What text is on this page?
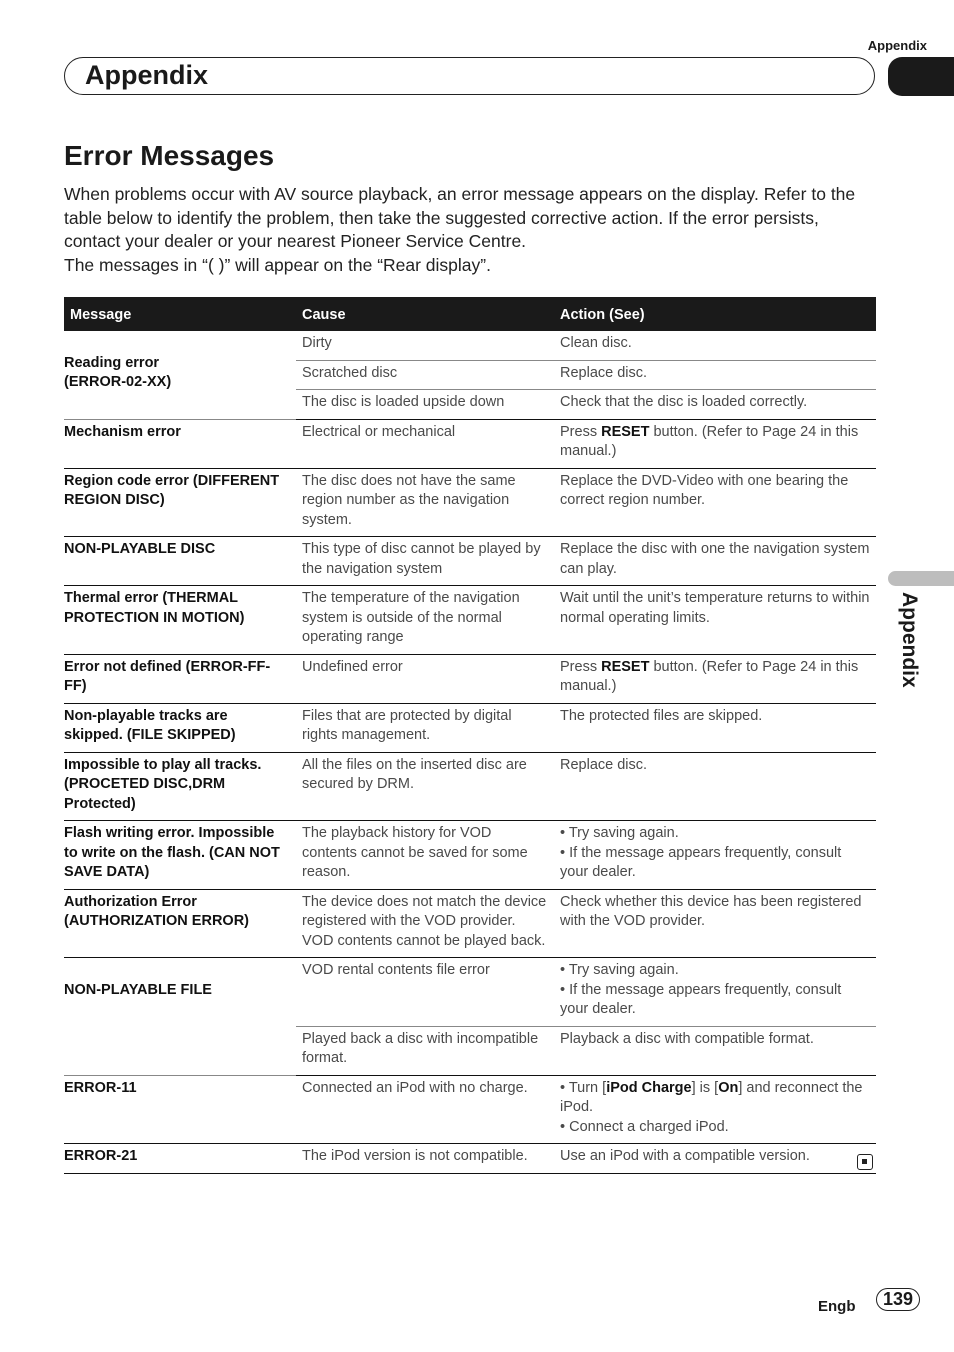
Appendix
Appendix
Error Messages

When problems occur with AV source playback, an error message appears on the display. Refer to the table below to identify the problem, then take the suggested corrective action. If the error persists, contact your dealer or your nearest Pioneer Service Centre.

The messages in “( )” will appear on the “Rear display”.

Message	Cause	Action (See)

Reading error
(ERROR-02-XX)	Dirty	Clean disc.
	Scratched disc	Replace disc.
	The disc is loaded upside down	Check that the disc is loaded correctly.
Mechanism error	Electrical or mechanical	Press RESET button. (Refer to Page 24 in this manual.)
Region code error (DIFFERENT REGION DISC)	The disc does not have the same region number as the navigation system.	Replace the DVD-Video with one bearing the correct region number.
NON-PLAYABLE DISC	This type of disc cannot be played by the navigation system	Replace the disc with one the navigation system can play.
Thermal error (THERMAL PROTECTION IN MOTION)	The temperature of the navigation system is outside of the normal operating range	Wait until the unit’s temperature returns to within normal operating limits.
Error not defined (ERROR-FF-FF)	Undefined error	Press RESET button. (Refer to Page 24 in this manual.)
Non-playable tracks are skipped. (FILE SKIPPED)	Files that are protected by digital rights management.	The protected files are skipped.
Impossible to play all tracks. (PROCETED DISC,DRM Protected)	All the files on the inserted disc are secured by DRM.	Replace disc.
Flash writing error. Impossible to write on the flash. (CAN NOT SAVE DATA)	The playback history for VOD contents cannot be saved for some reason.	• Try saving again.
• If the message appears frequently, consult your dealer.
Authorization Error (AUTHORIZATION ERROR)	The device does not match the device registered with the VOD provider. VOD contents cannot be played back.	Check whether this device has been registered with the VOD provider.

NON-PLAYABLE FILE	VOD rental contents file error	• Try saving again.
• If the message appears frequently, consult your dealer.
	Played back a disc with incompatible format.	Playback a disc with compatible format.
ERROR-11	Connected an iPod with no charge.	• Turn [iPod Charge] is [On] and reconnect the iPod.
• Connect a charged iPod.
ERROR-21	The iPod version is not compatible.	Use an iPod with a compatible version.
Appendix
Engb	139
